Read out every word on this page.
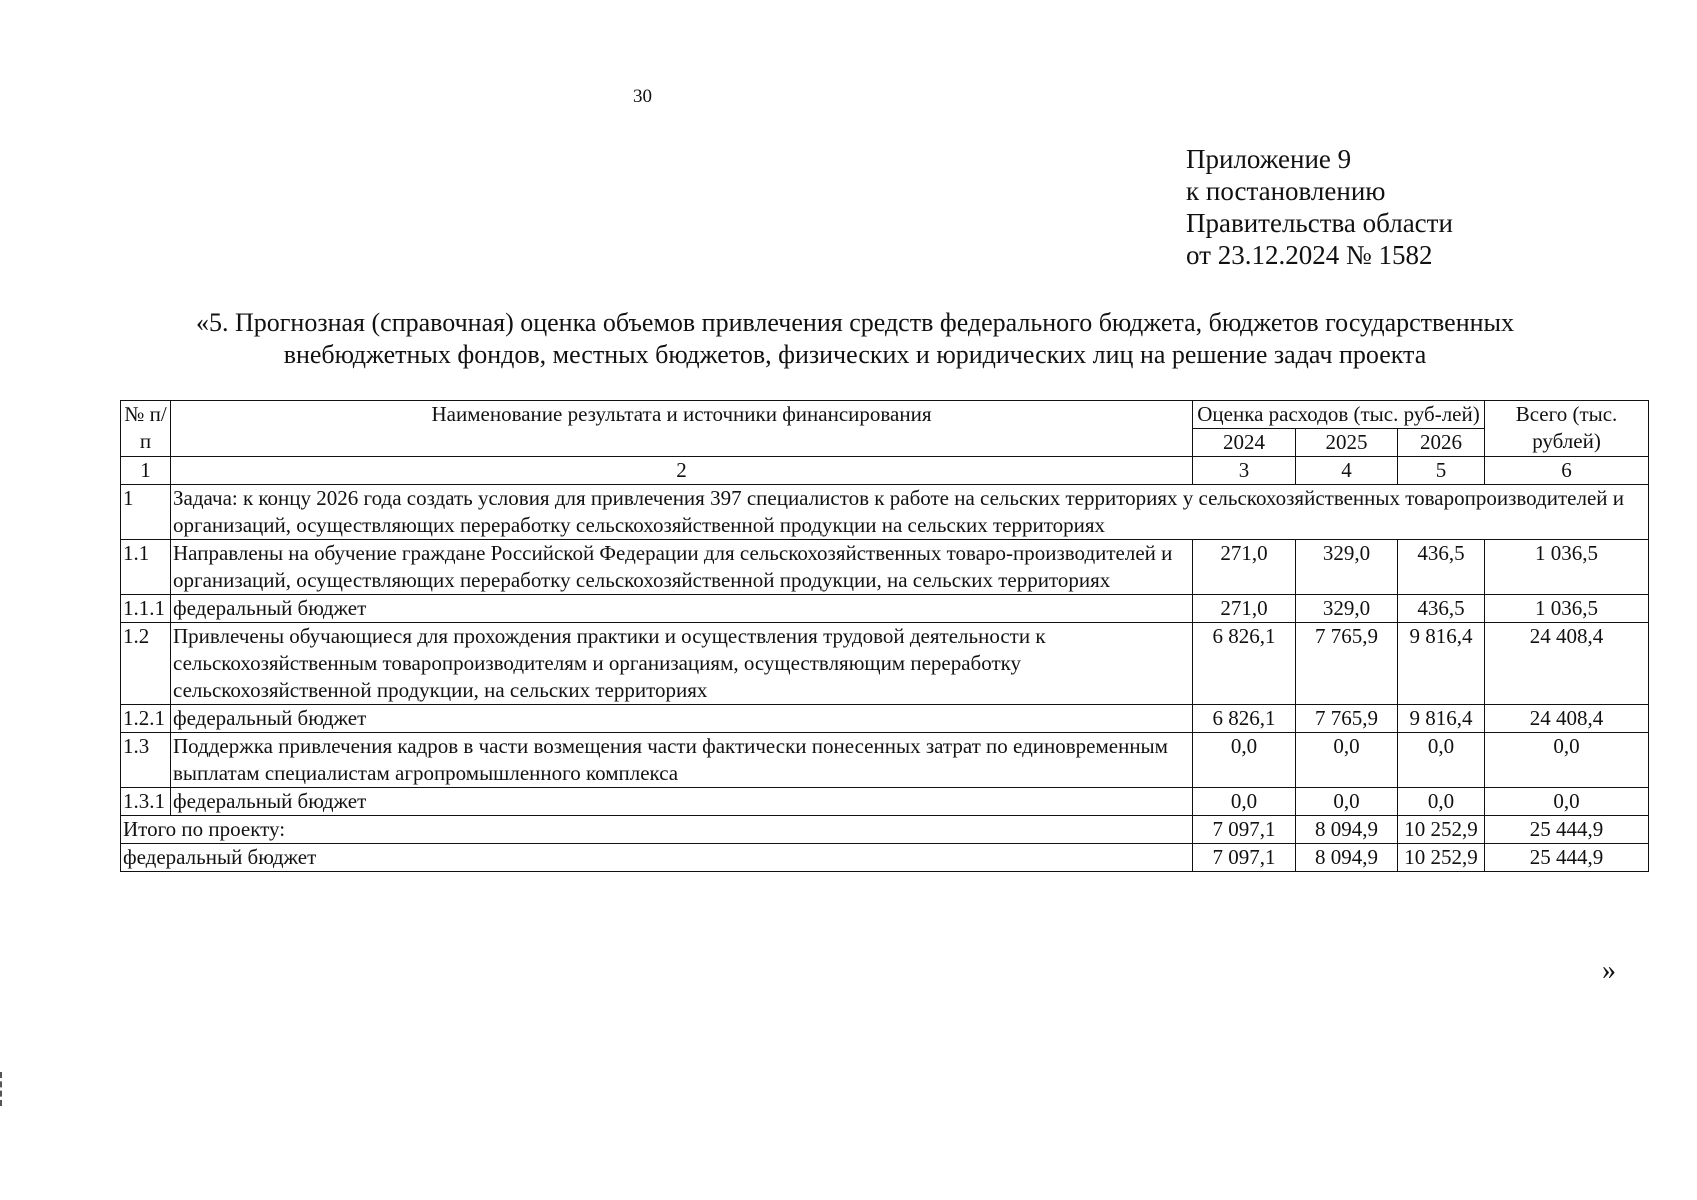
30
Приложение 9
к постановлению
Правительства области
от 23.12.2024 № 1582
«5. Прогнозная (справочная) оценка объемов привлечения средств федерального бюджета, бюджетов государственных
внебюджетных фондов, местных бюджетов, физических и юридических лиц на решение задач проекта
№ п/п	Наименование результата и источники финансирования	Оценка расходов (тыс. руб-лей)			Всего (тыс. рублей)
		2024	2025	2026	
1	2	3	4	5	6
1	Задача: к концу 2026 года создать условия для привлечения 397 специалистов к работе на сельских территориях у сельскохозяйственных товаропроизводителей и организаций, осуществляющих переработку сельскохозяйственной продукции на сельских территориях				
1.1	Направлены на обучение граждане Российской Федерации для сельскохозяйственных товаро-производителей и организаций, осуществляющих переработку сельскохозяйственной продукции, на сельских территориях	271,0	329,0	436,5	1 036,5
1.1.1	федеральный бюджет	271,0	329,0	436,5	1 036,5
1.2	Привлечены обучающиеся для прохождения практики и осуществления трудовой деятельности к сельскохозяйственным товаропроизводителям и организациям, осуществляющим переработку сельскохозяйственной продукции, на сельских территориях	6 826,1	7 765,9	9 816,4	24 408,4
1.2.1	федеральный бюджет	6 826,1	7 765,9	9 816,4	24 408,4
1.3	Поддержка привлечения кадров в части возмещения части фактически понесенных затрат по единовременным выплатам специалистам агропромышленного комплекса	0,0	0,0	0,0	0,0
1.3.1	федеральный бюджет	0,0	0,0	0,0	0,0
Итого по проекту:		7 097,1	8 094,9	10 252,9	25 444,9
федеральный бюджет		7 097,1	8 094,9	10 252,9	25 444,9
»
